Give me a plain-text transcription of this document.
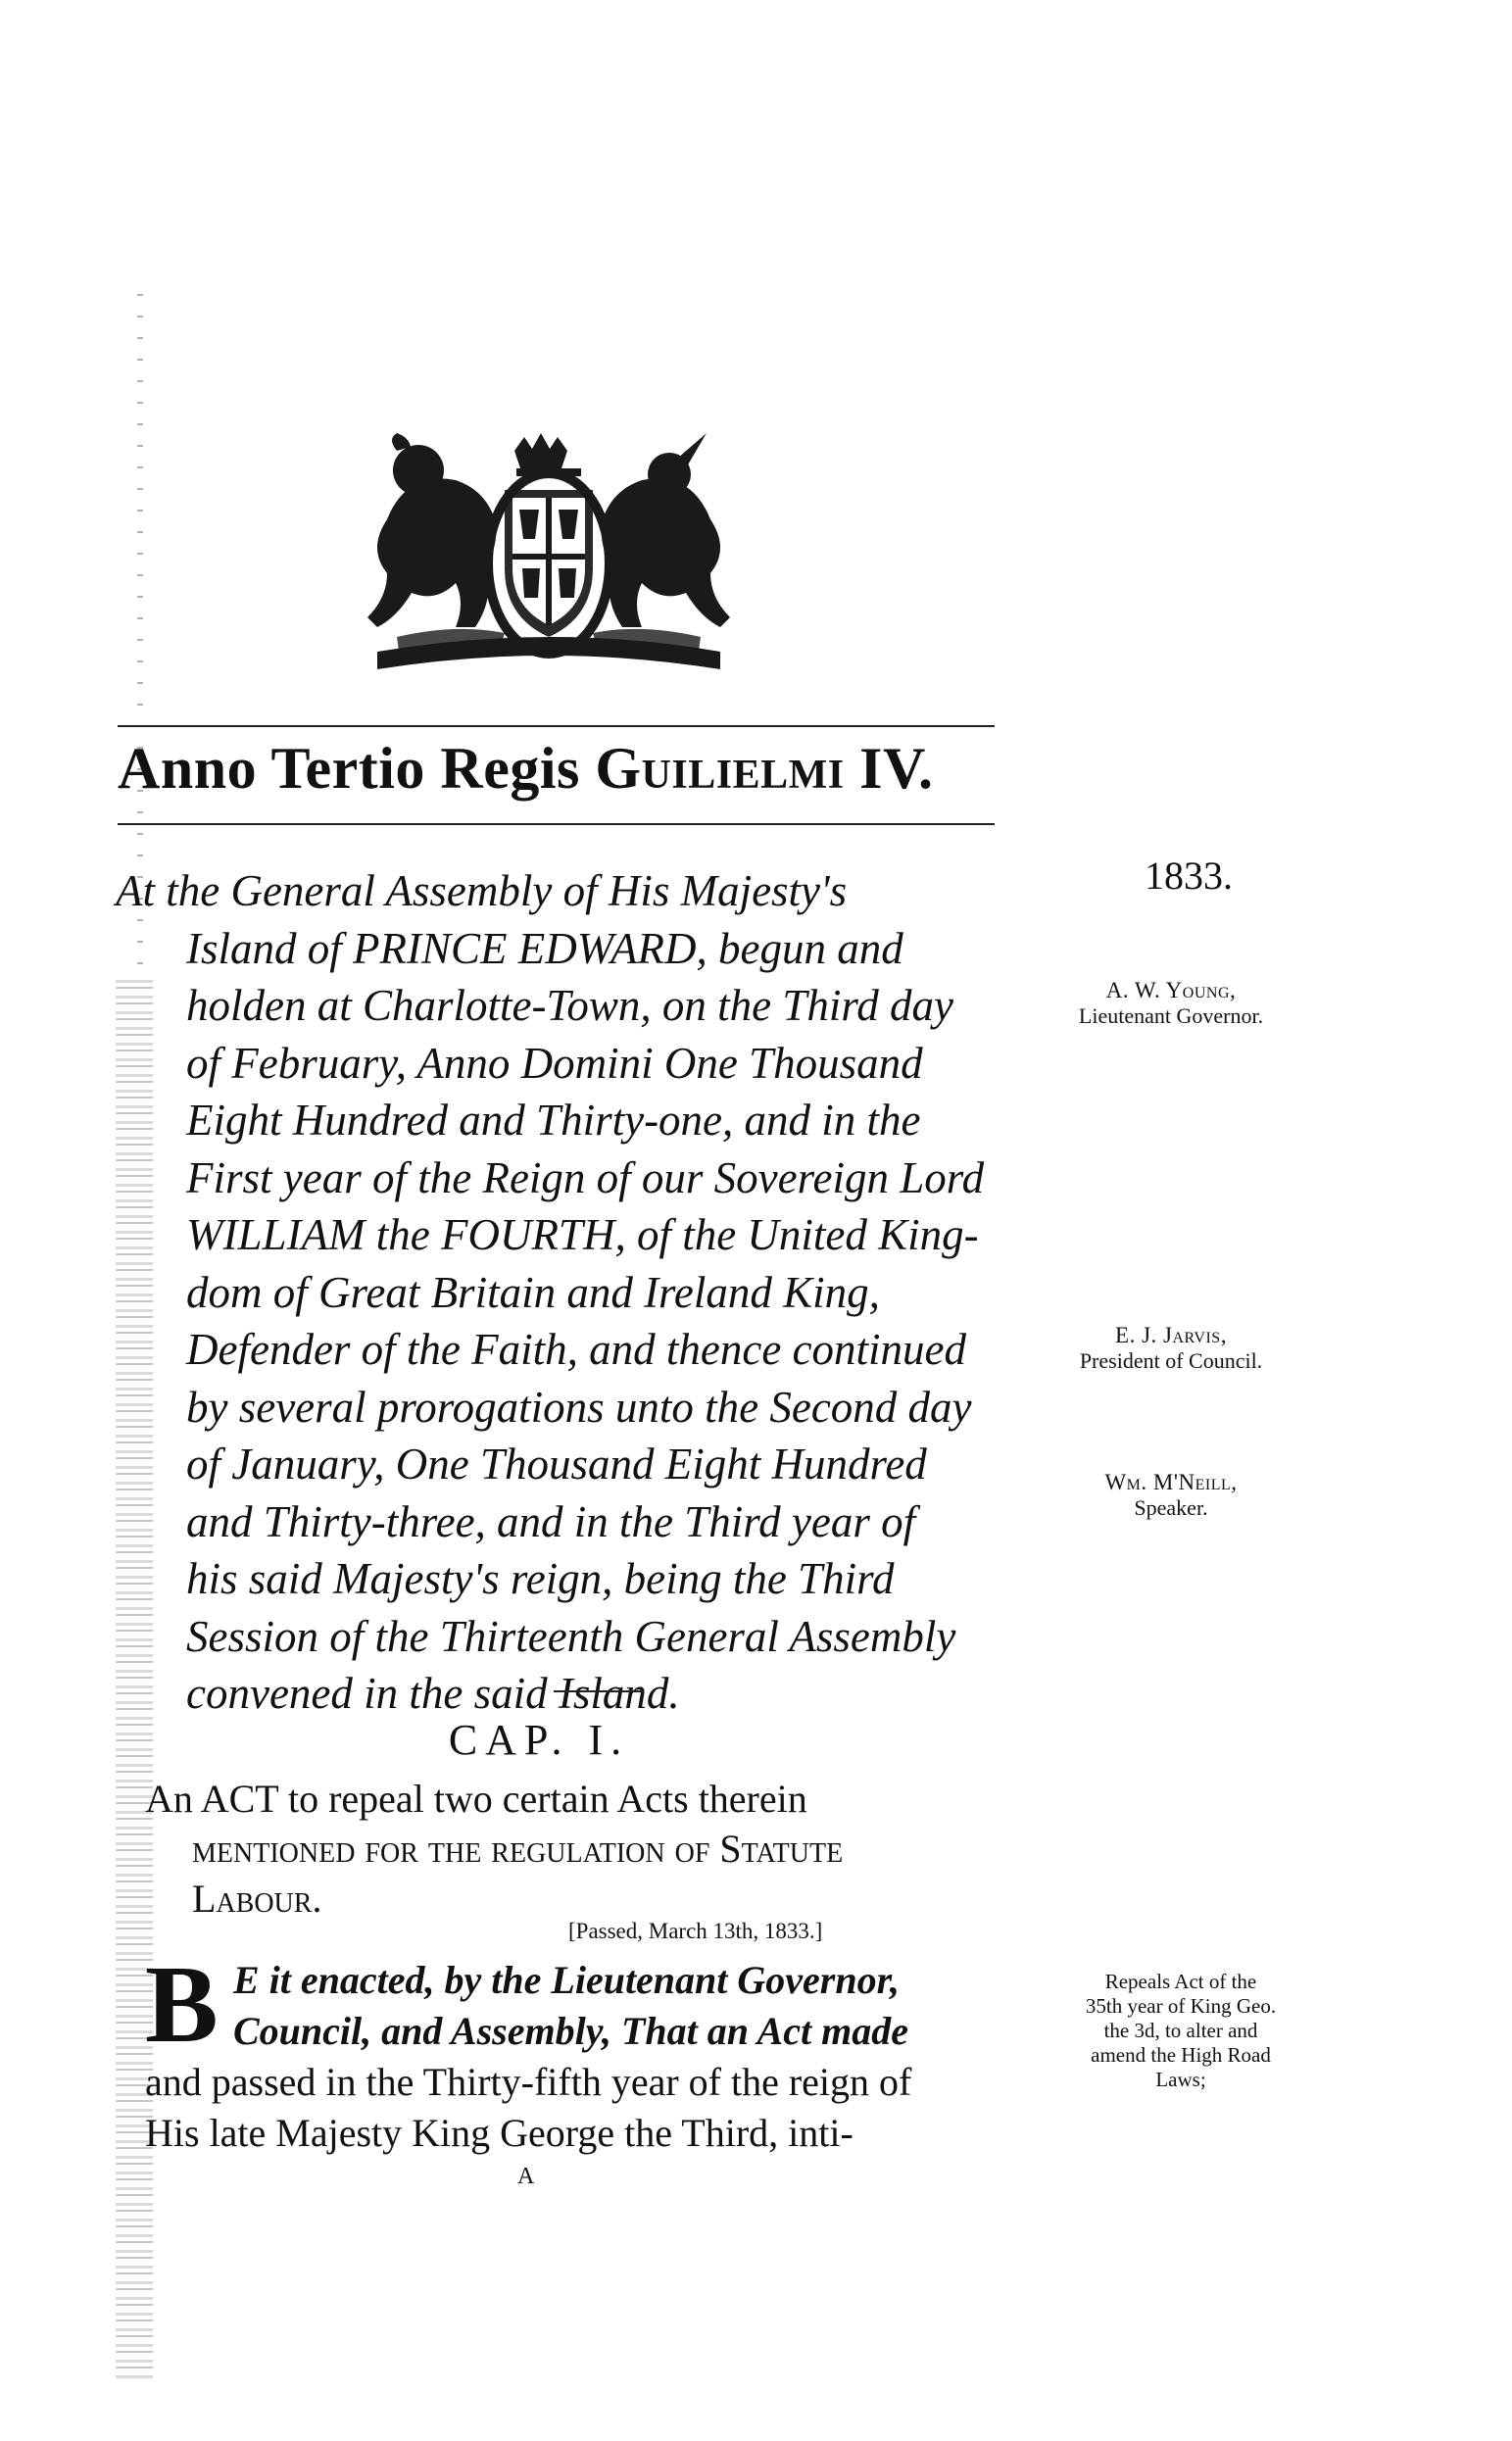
Anno Tertio Regis Guilielmi IV.
1833.
At the General Assembly of His Majesty's
Island of PRINCE EDWARD, begun and
holden at Charlotte-Town, on the Third day
of February, Anno Domini One Thousand
Eight Hundred and Thirty-one, and in the
First year of the Reign of our Sovereign Lord
WILLIAM the FOURTH, of the United King-
dom of Great Britain and Ireland King,
Defender of the Faith, and thence continued
by several prorogations unto the Second day
of January, One Thousand Eight Hundred
and Thirty-three, and in the Third year of
his said Majesty's reign, being the Third
Session of the Thirteenth General Assembly
convened in the said Island.
A. W. Young,
Lieutenant Governor.
E. J. Jarvis,
President of Council.
Wm. M'Neill,
Speaker.
CAP. I.
An ACT to repeal two certain Acts therein
mentioned for the regulation of Statute
Labour.
[Passed, March 13th, 1833.]
B E it enacted, by the Lieutenant Governor,
Council, and Assembly, That an Act made
and passed in the Thirty-fifth year of the reign of
His late Majesty King George the Third, inti-
Repeals Act of the
35th year of King Geo.
the 3d, to alter and
amend the High Road
Laws;
A
